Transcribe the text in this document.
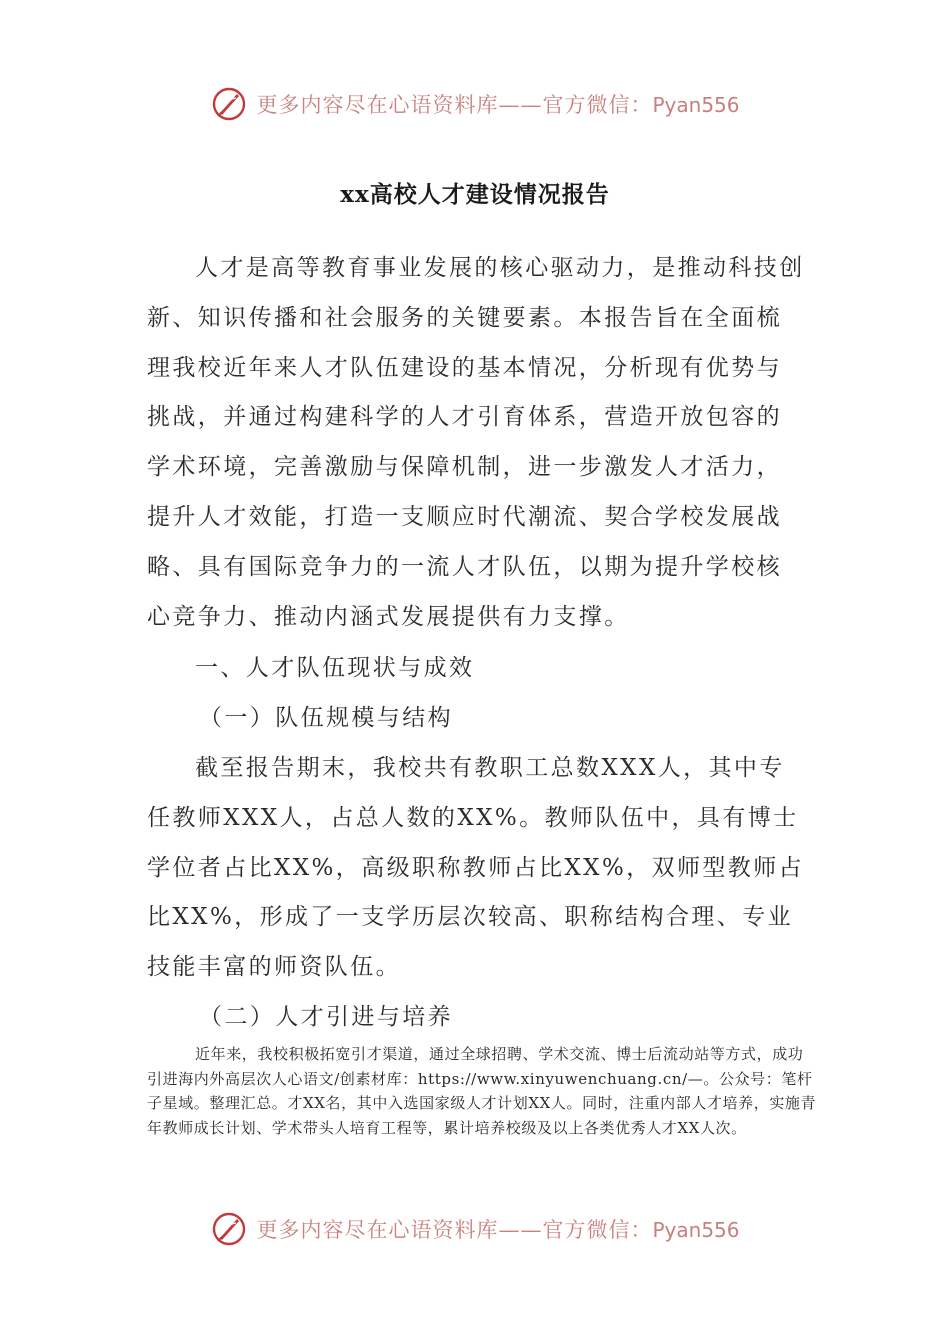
更多内容尽在心语资料库——官方微信：Pyan556
xx高校人才建设情况报告

人才是高等教育事业发展的核心驱动力，是推动科技创新、知识传播和社会服务的关键要素。本报告旨在全面梳理我校近年来人才队伍建设的基本情况，分析现有优势与挑战，并通过构建科学的人才引育体系，营造开放包容的学术环境，完善激励与保障机制，进一步激发人才活力，提升人才效能，打造一支顺应时代潮流、契合学校发展战略、具有国际竞争力的一流人才队伍，以期为提升学校核心竞争力、推动内涵式发展提供有力支撑。

一、人才队伍现状与成效

（一）队伍规模与结构

截至报告期末，我校共有教职工总数XXX人，其中专任教师XXX人，占总人数的XX%。教师队伍中，具有博士学位者占比XX%，高级职称教师占比XX%，双师型教师占比XX%，形成了一支学历层次较高、职称结构合理、专业技能丰富的师资队伍。

（二）人才引进与培养

近年来，我校积极拓宽引才渠道，通过全球招聘、学术交流、博士后流动站等方式，成功引进海内外高层次人心语文/创素材库：https://www.xinyuwenchuang.cn/—。公众号：笔杆子星域。整理汇总。才XX名，其中入选国家级人才计划XX人。同时，注重内部人才培养，实施青年教师成长计划、学术带头人培育工程等，累计培养校级及以上各类优秀人才XX人次。

更多内容尽在心语资料库——官方微信：Pyan556
